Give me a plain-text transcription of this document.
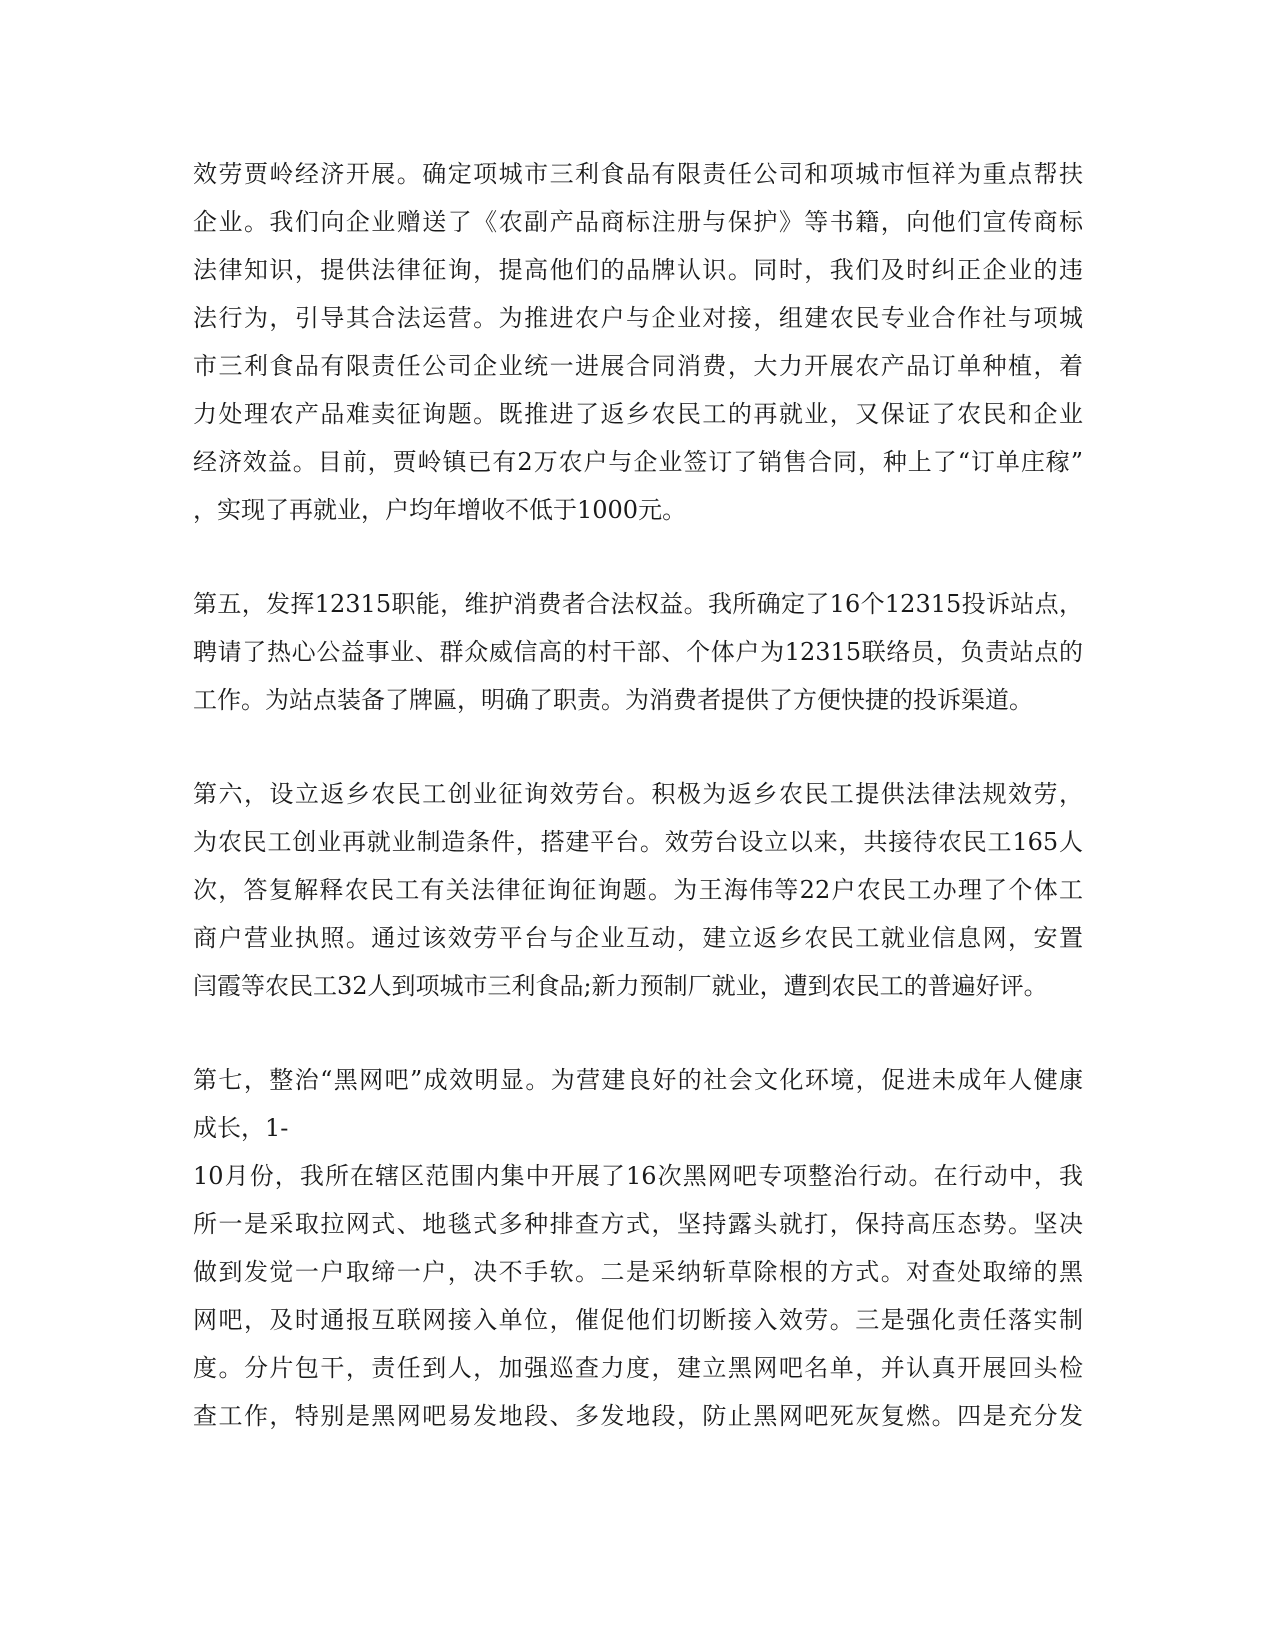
效劳贾岭经济开展。确定项城市三利食品有限责任公司和项城市恒祥为重点帮扶
企业。我们向企业赠送了《农副产品商标注册与保护》等书籍，向他们宣传商标
法律知识，提供法律征询，提高他们的品牌认识。同时，我们及时纠正企业的违
法行为，引导其合法运营。为推进农户与企业对接，组建农民专业合作社与项城
市三利食品有限责任公司企业统一进展合同消费，大力开展农产品订单种植，着
力处理农产品难卖征询题。既推进了返乡农民工的再就业，又保证了农民和企业
经济效益。目前，贾岭镇已有2万农户与企业签订了销售合同，种上了“订单庄稼”
，实现了再就业，户均年增收不低于1000元。
第五，发挥12315职能，维护消费者合法权益。我所确定了16个12315投诉站点，
聘请了热心公益事业、群众威信高的村干部、个体户为12315联络员，负责站点的
工作。为站点装备了牌匾，明确了职责。为消费者提供了方便快捷的投诉渠道。
第六，设立返乡农民工创业征询效劳台。积极为返乡农民工提供法律法规效劳，
为农民工创业再就业制造条件，搭建平台。效劳台设立以来，共接待农民工165人
次，答复解释农民工有关法律征询征询题。为王海伟等22户农民工办理了个体工
商户营业执照。通过该效劳平台与企业互动，建立返乡农民工就业信息网，安置
闫霞等农民工32人到项城市三利食品;新力预制厂就业，遭到农民工的普遍好评。
第七，整治“黑网吧”成效明显。为营建良好的社会文化环境，促进未成年人健康
成长，1-
10月份，我所在辖区范围内集中开展了16次黑网吧专项整治行动。在行动中，我
所一是采取拉网式、地毯式多种排查方式，坚持露头就打，保持高压态势。坚决
做到发觉一户取缔一户，决不手软。二是采纳斩草除根的方式。对查处取缔的黑
网吧，及时通报互联网接入单位，催促他们切断接入效劳。三是强化责任落实制
度。分片包干，责任到人，加强巡查力度，建立黑网吧名单，并认真开展回头检
查工作，特别是黑网吧易发地段、多发地段，防止黑网吧死灰复燃。四是充分发
